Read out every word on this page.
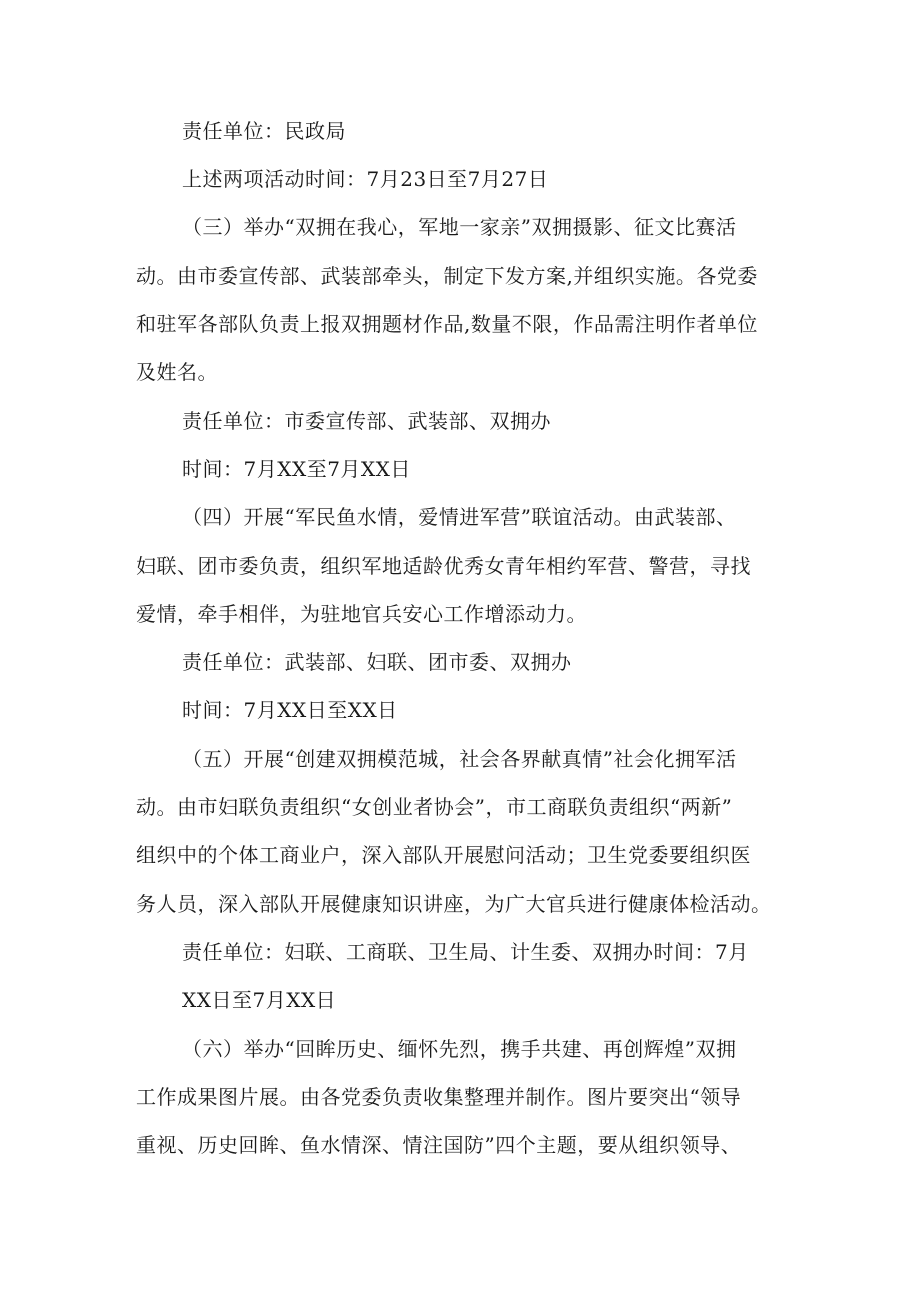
责任单位：民政局
上述两项活动时间：7月23日至7月27日
（三）举办“双拥在我心，军地一家亲”双拥摄影、征文比赛活
动。由市委宣传部、武装部牵头，制定下发方案,并组织实施。各党委
和驻军各部队负责上报双拥题材作品,数量不限，作品需注明作者单位
及姓名。
责任单位：市委宣传部、武装部、双拥办
时间：7月XX至7月XX日
（四）开展“军民鱼水情，爱情进军营”联谊活动。由武装部、
妇联、团市委负责，组织军地适龄优秀女青年相约军营、警营，寻找
爱情，牵手相伴，为驻地官兵安心工作增添动力。
责任单位：武装部、妇联、团市委、双拥办
时间：7月XX日至XX日
（五）开展“创建双拥模范城，社会各界献真情”社会化拥军活
动。由市妇联负责组织“女创业者协会”，市工商联负责组织“两新”
组织中的个体工商业户，深入部队开展慰问活动；卫生党委要组织医
务人员，深入部队开展健康知识讲座，为广大官兵进行健康体检活动。
责任单位：妇联、工商联、卫生局、计生委、双拥办时间：7月
XX日至7月XX日
（六）举办“回眸历史、缅怀先烈，携手共建、再创辉煌”双拥
工作成果图片展。由各党委负责收集整理并制作。图片要突出“领导
重视、历史回眸、鱼水情深、情注国防”四个主题，要从组织领导、
